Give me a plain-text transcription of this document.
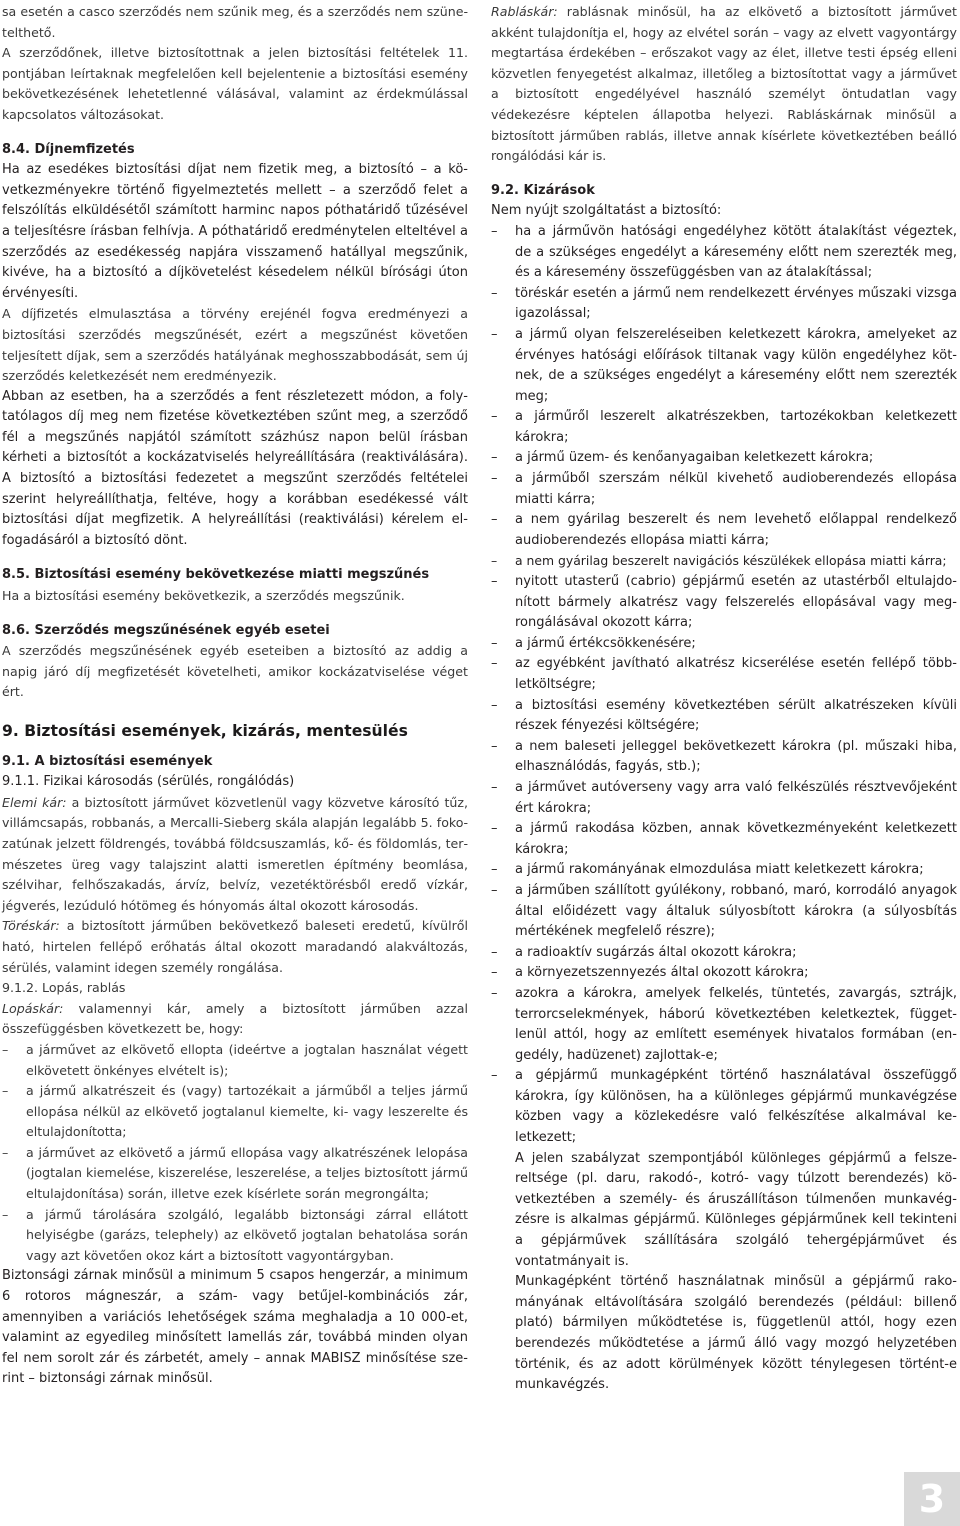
sa esetén a casco szerződés nem szűnik meg, és a szerződés nem szünetelthető.

A szerződőnek, illetve biztosítottnak a jelen biztosítási feltételek 11. pontjában leírtaknak megfelelően kell bejelentenie a biztosítási esemény bekövetkezésének lehetetlenné válásával, valamint az érdekmúlással kapcsolatos változásokat.

8.4. Díjnemfizetés

Ha az esedékes biztosítási díjat nem fizetik meg, a biztosító – a következményekre történő figyelmeztetés mellett – a szerződő felet a felszólítás elküldésétől számított harminc napos póthatáridő tűzésével a teljesítésre írásban felhívja. A póthatáridő eredménytelen elteltével a szerződés az esedékesség napjára visszamenő hatállyal megszűnik, kivéve, ha a biztosító a díjkövetelést késedelem nélkül bírósági úton érvényesíti.

A díjfizetés elmulasztása a törvény erejénél fogva eredményezi a biztosítási szerződés megszűnését, ezért a megszűnést követően teljesített díjak, sem a szerződés hatályának meghosszabbodását, sem új szerződés keletkezését nem eredményezik.

Abban az esetben, ha a szerződés a fent részletezett módon, a folytatólagos díj meg nem fizetése következtében szűnt meg, a szerződő fél a megszűnés napjától számított százhúsz napon belül írásban kérheti a biztosítót a kockázatviselés helyreállítására (reaktiválására). A biztosító a biztosítási fedezetet a megszűnt szerződés feltételei szerint helyreállíthatja, feltéve, hogy a korábban esedékessé vált biztosítási díjat megfizetik. A helyreállítási (reaktiválási) kérelem elfogadásáról a biztosító dönt.

8.5. Biztosítási esemény bekövetkezése miatti megszűnés

Ha a biztosítási esemény bekövetkezik, a szerződés megszűnik.

8.6. Szerződés megszűnésének egyéb esetei

A szerződés megszűnésének egyéb eseteiben a biztosító az addig a napig járó díj megfizetését követelheti, amikor kockázatviselése véget ért.

9. Biztosítási események, kizárás, mentesülés

9.1. A biztosítási események

9.1.1. Fizikai károsodás (sérülés, rongálódás)

Elemi kár: a biztosított járművet közvetlenül vagy közvetve károsító tűz, villámcsapás, robbanás, a Mercalli-Sieberg skála alapján legalább 5. fokozatúnak jelzett földrengés, továbbá földcsuszamlás, kő- és földomlás, természetes üreg vagy talajszint alatti ismeretlen építmény beomlása, szélvihar, felhőszakadás, árvíz, belvíz, vezetéktörésből eredő vízkár, jégverés, lezúduló hótömeg és hónyomás által okozott károsodás.

Töréskár: a biztosított járműben bekövetkező baleseti eredetű, kívülről ható, hirtelen fellépő erőhatás által okozott maradandó alakváltozás, sérülés, valamint idegen személy rongálása.

9.1.2. Lopás, rablás

Lopáskár: valamennyi kár, amely a biztosított járműben azzal összefüggésben következett be, hogy:

– a járművet az elkövető ellopta (ideértve a jogtalan használat végett elkövetett önkényes elvételt is);
– a jármű alkatrészeit és (vagy) tartozékait a járműből a teljes jármű ellopása nélkül az elkövető jogtalanul kiemelte, ki- vagy leszerelte és eltulajdonította;
– a járművet az elkövető a jármű ellopása vagy alkatrészének lelopása (jogtalan kiemelése, kiszerelése, leszerelése, a teljes biztosított jármű eltulajdonítása) során, illetve ezek kísérlete során megrongálta;
– a jármű tárolására szolgáló, legalább biztonsági zárral ellátott helyiségbe (garázs, telephely) az elkövető jogtalan behatolása során vagy azt követően okoz kárt a biztosított vagyontárgyban.

Biztonsági zárnak minősül a minimum 5 csapos hengerzár, a minimum 6 rotoros mágneszár, a szám- vagy betűjel-kombinációs zár, amennyiben a variációs lehetőségek száma meghaladja a 10 000-et, valamint az egyedileg minősített lamellás zár, továbbá minden olyan fel nem sorolt zár és zárbetét, amely – annak MABISZ minősítése szerint – biztonsági zárnak minősül.

Rabláskár: rablásnak minősül, ha az elkövető a biztosított járművet akként tulajdonítja el, hogy az elvétel során – vagy az elvett vagyontárgy megtartása érdekében – erőszakot vagy az élet, illetve testi épség elleni közvetlen fenyegetést alkalmaz, illetőleg a biztosítottat vagy a járművet a biztosított engedélyével használó személyt öntudatlan vagy védekezésre képtelen állapotba helyezi. Rabláskárnak minősül a biztosított járműben rablás, illetve annak kísérlete következtében beálló rongálódási kár is.

9.2. Kizárások

Nem nyújt szolgáltatást a biztosító:

– ha a járművön hatósági engedélyhez kötött átalakítást végeztek, de a szükséges engedélyt a káresemény előtt nem szerezték meg, és a káresemény összefüggésben van az átalakítással;
– töréskár esetén a jármű nem rendelkezett érvényes műszaki vizsga igazolással;
– a jármű olyan felszereléseiben keletkezett károkra, amelyeket az érvényes hatósági előírások tiltanak vagy külön engedélyhez kötnek, de a szükséges engedélyt a káresemény előtt nem szerezték meg;
– a járműről leszerelt alkatrészekben, tartozékokban keletkezett károkra;
– a jármű üzem- és kenőanyagaiban keletkezett károkra;
– a járműből szerszám nélkül kivehető audioberendezés ellopása miatti kárra;
– a nem gyárilag beszerelt és nem levehető előlappal rendelkező audioberendezés ellopása miatti kárra;
– a nem gyárilag beszerelt navigációs készülékek ellopása miatti kárra;
– nyitott utasterű (cabrio) gépjármű esetén az utastérből eltulajdonított bármely alkatrész vagy felszerelés ellopásával vagy megrongálásával okozott kárra;
– a jármű értékcsökkenésére;
– az egyébként javítható alkatrész kicserélése esetén fellépő többletköltségre;
– a biztosítási esemény következtében sérült alkatrészeken kívüli részek fényezési költségére;
– a nem baleseti jelleggel bekövetkezett károkra (pl. műszaki hiba, elhasználódás, fagyás, stb.);
– a járművet autóverseny vagy arra való felkészülés résztvevőjeként ért károkra;
– a jármű rakodása közben, annak következményeként keletkezett károkra;
– a jármű rakományának elmozdulása miatt keletkezett károkra;
– a járműben szállított gyúlékony, robbanó, maró, korrodáló anyagok által előidézett vagy általuk súlyosbított károkra (a súlyosbítás mértékének megfelelő részre);
– a radioaktív sugárzás által okozott károkra;
– a környezetszennyezés által okozott károkra;
– azokra a károkra, amelyek felkelés, tüntetés, zavargás, sztrájk, terrorcselekmények, háború következtében keletkeztek, függetlenül attól, hogy az említett események hivatalos formában (engedély, hadüzenet) zajlottak-e;
– a gépjármű munkagépként történő használatával összefüggő károkra, így különösen, ha a különleges gépjármű munkavégzése közben vagy a közlekedésre való felkészítése alkalmával keletkezett;

A jelen szabályzat szempontjából különleges gépjármű a felszereltsége (pl. daru, rakodó-, kotró- vagy túlzott berendezés) következtében a személy- és áruszállításon túlmenően munkavégzésre is alkalmas gépjármű. Különleges gépjárműnek kell tekinteni a gépjárművek szállítására szolgáló tehergépjárművet és vontatmányait is.

Munkagépként történő használatnak minősül a gépjármű rakományának eltávolítására szolgáló berendezés (például: billenő plató) bármilyen működtetése is, függetlenül attól, hogy ezen berendezés működtetése a jármű álló vagy mozgó helyzetében történik, és az adott körülmények között ténylegesen történt-e munkavégzés.

3
